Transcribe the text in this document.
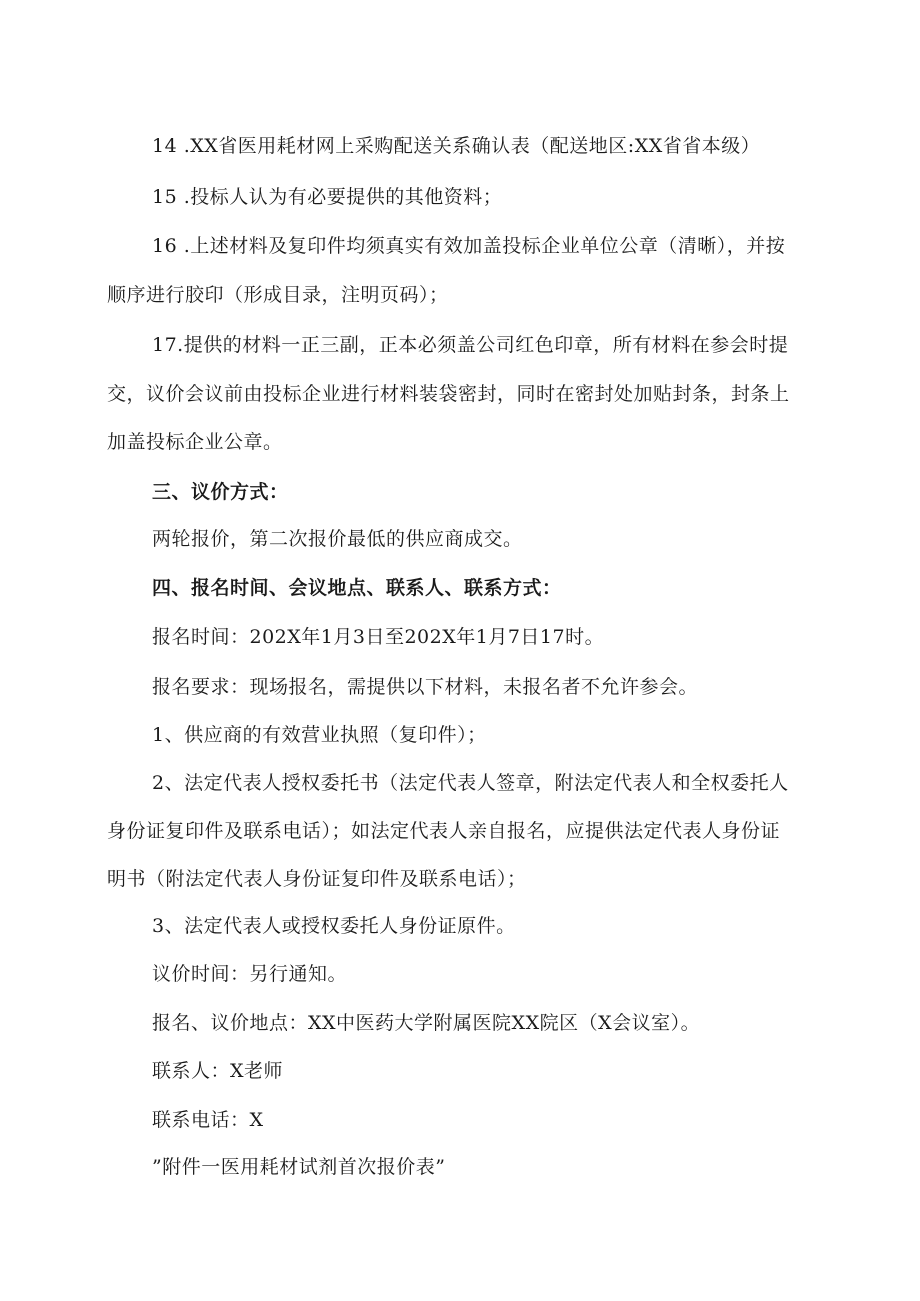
14 .XX省医用耗材网上采购配送关系确认表（配送地区:XX省省本级）
15 .投标人认为有必要提供的其他资料；
16 .上述材料及复印件均须真实有效加盖投标企业单位公章（清晰），并按
顺序进行胶印（形成目录，注明页码）；
17.提供的材料一正三副，正本必须盖公司红色印章，所有材料在参会时提
交，议价会议前由投标企业进行材料装袋密封，同时在密封处加贴封条，封条上
加盖投标企业公章。
三、议价方式：
两轮报价，第二次报价最低的供应商成交。
四、报名时间、会议地点、联系人、联系方式：
报名时间：202X年1月3日至202X年1月7日17时。
报名要求：现场报名，需提供以下材料，未报名者不允许参会。
1、供应商的有效营业执照（复印件）；
2、法定代表人授权委托书（法定代表人签章，附法定代表人和全权委托人
身份证复印件及联系电话）；如法定代表人亲自报名，应提供法定代表人身份证
明书（附法定代表人身份证复印件及联系电话）；
3、法定代表人或授权委托人身份证原件。
议价时间：另行通知。
报名、议价地点：XX中医药大学附属医院XX院区（X会议室）。
联系人：X老师
联系电话：X
”附件一医用耗材试剂首次报价表”
